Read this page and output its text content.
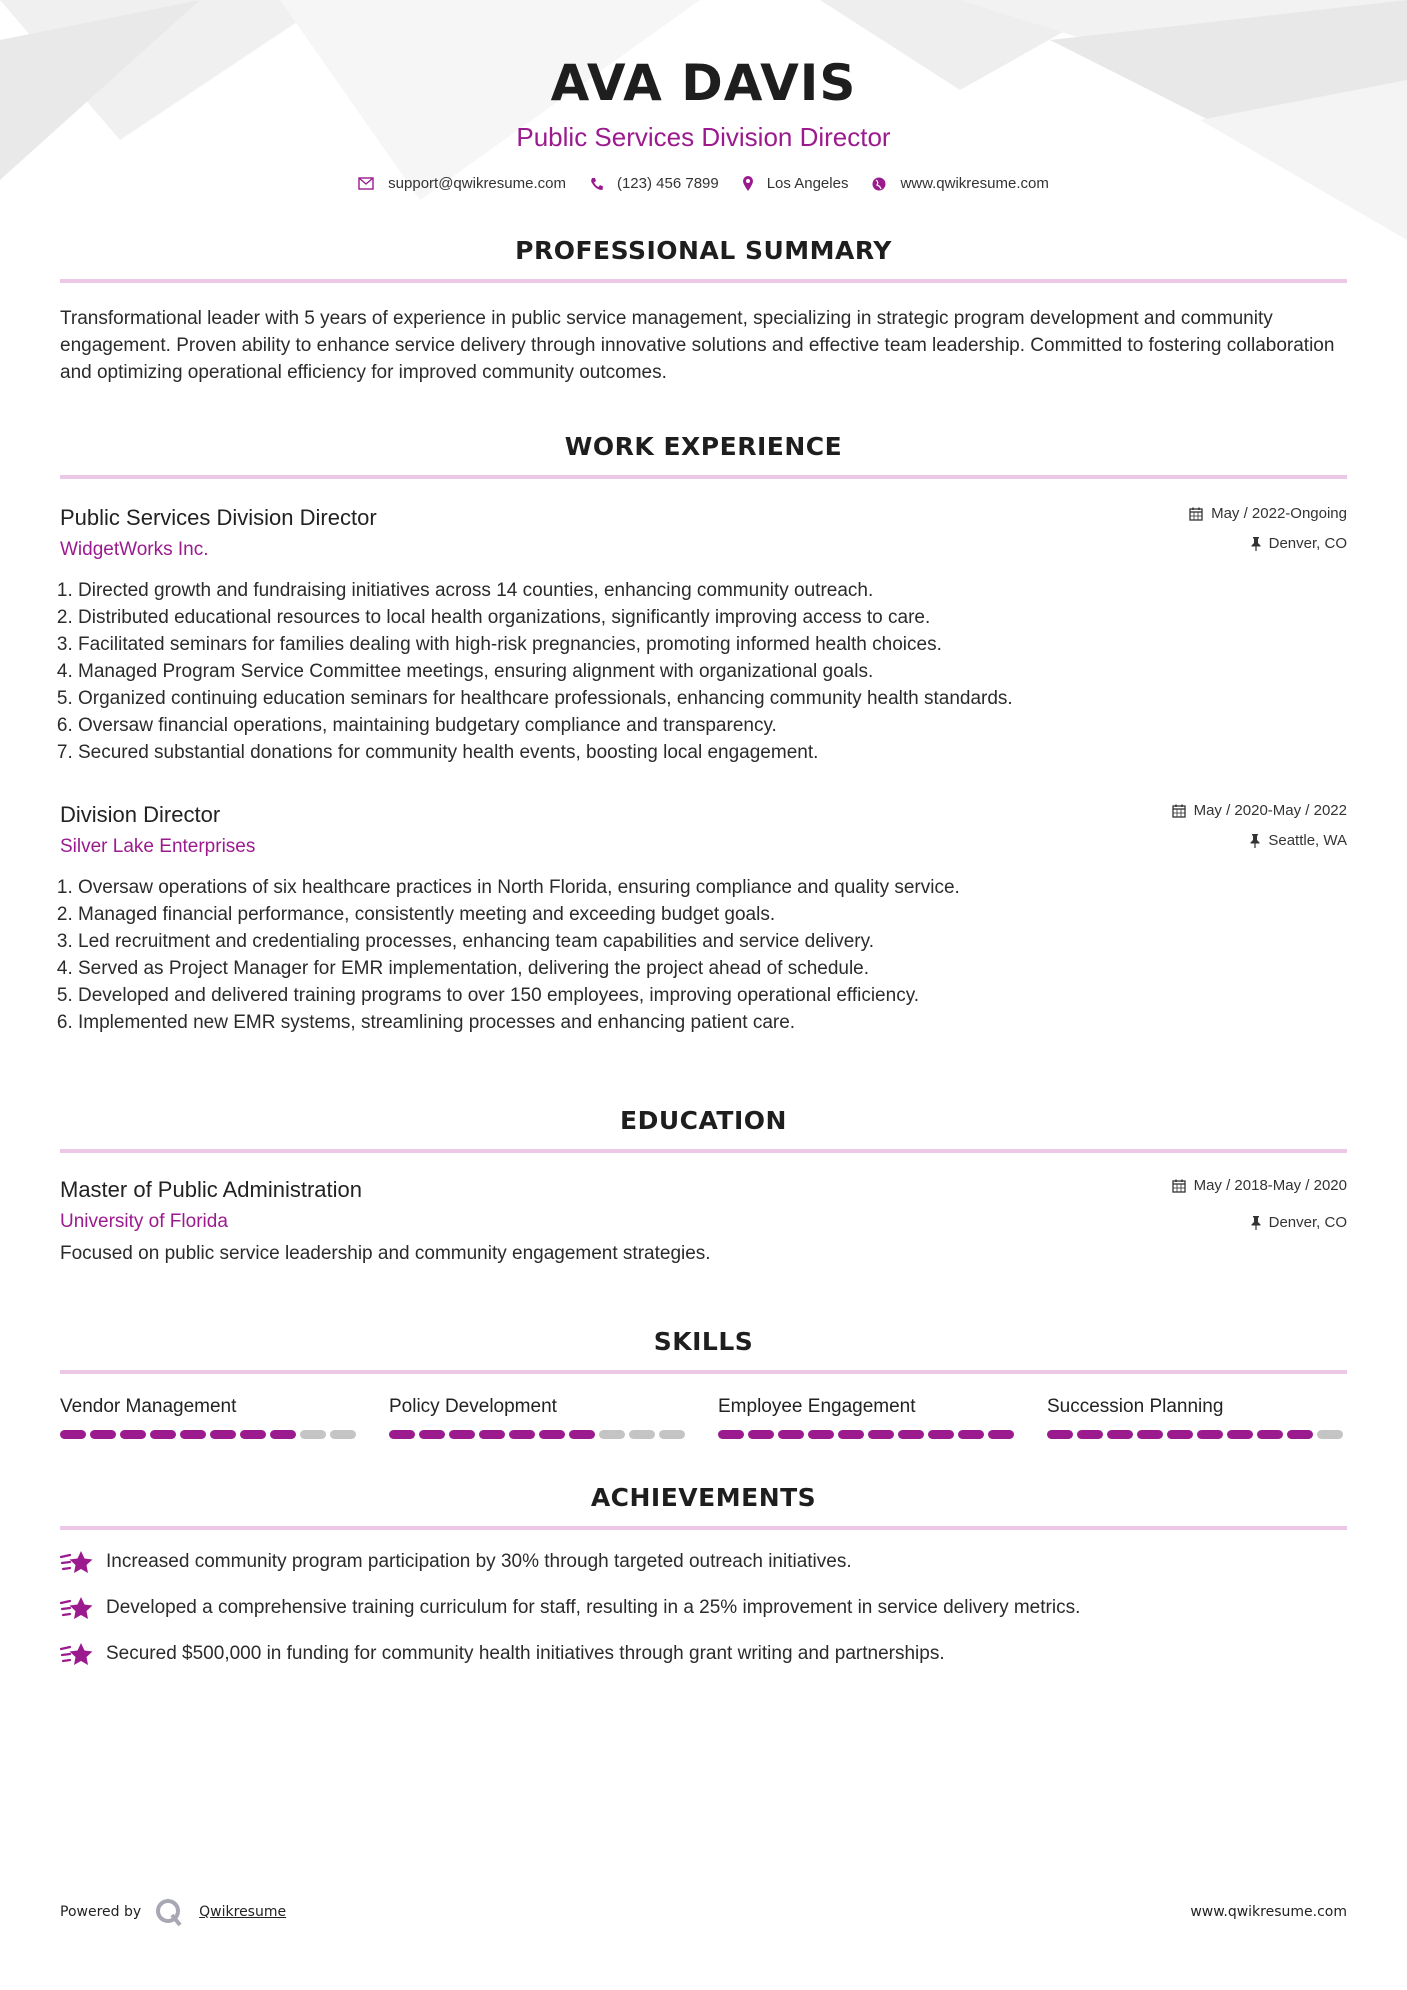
AVA DAVIS
Public Services Division Director
support@qwikresume.com	(123) 456 7899	Los Angeles	www.qwikresume.com
PROFESSIONAL SUMMARY
Transformational leader with 5 years of experience in public service management, specializing in strategic program development and community engagement. Proven ability to enhance service delivery through innovative solutions and effective team leadership. Committed to fostering collaboration and optimizing operational efficiency for improved community outcomes.
WORK EXPERIENCE
Public Services Division Director
WidgetWorks Inc.
May / 2022-Ongoing
Denver, CO
1. Directed growth and fundraising initiatives across 14 counties, enhancing community outreach.
2. Distributed educational resources to local health organizations, significantly improving access to care.
3. Facilitated seminars for families dealing with high-risk pregnancies, promoting informed health choices.
4. Managed Program Service Committee meetings, ensuring alignment with organizational goals.
5. Organized continuing education seminars for healthcare professionals, enhancing community health standards.
6. Oversaw financial operations, maintaining budgetary compliance and transparency.
7. Secured substantial donations for community health events, boosting local engagement.
Division Director
Silver Lake Enterprises
May / 2020-May / 2022
Seattle, WA
1. Oversaw operations of six healthcare practices in North Florida, ensuring compliance and quality service.
2. Managed financial performance, consistently meeting and exceeding budget goals.
3. Led recruitment and credentialing processes, enhancing team capabilities and service delivery.
4. Served as Project Manager for EMR implementation, delivering the project ahead of schedule.
5. Developed and delivered training programs to over 150 employees, improving operational efficiency.
6. Implemented new EMR systems, streamlining processes and enhancing patient care.
EDUCATION
Master of Public Administration
University of Florida
May / 2018-May / 2020
Denver, CO
Focused on public service leadership and community engagement strategies.
SKILLS
Vendor Management	Policy Development	Employee Engagement	Succession Planning
ACHIEVEMENTS
Increased community program participation by 30% through targeted outreach initiatives.
Developed a comprehensive training curriculum for staff, resulting in a 25% improvement in service delivery metrics.
Secured $500,000 in funding for community health initiatives through grant writing and partnerships.
Powered by	Qwikresume	www.qwikresume.com
